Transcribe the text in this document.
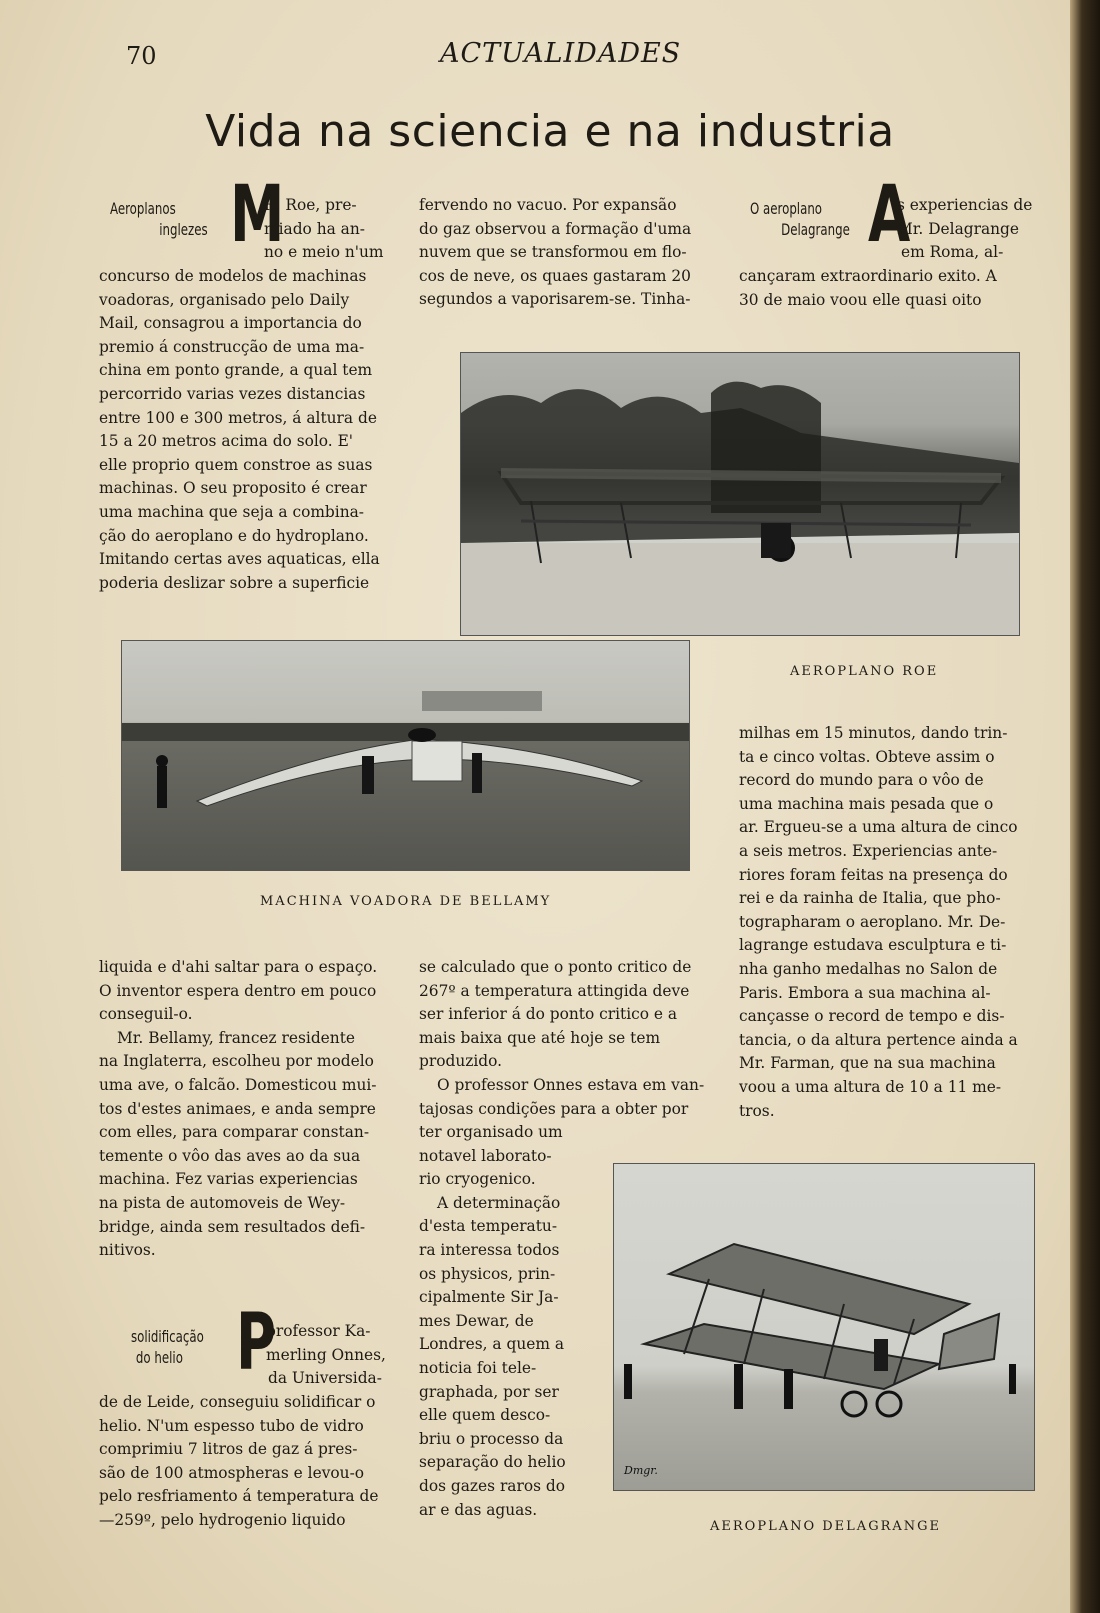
70	ACTUALIDADES
Vida na sciencia e na industria
Aeroplanos
inglezes M

R. Roe, pre-

miado ha an-

no e meio n'um

concurso de modelos de machinas

voadoras, organisado pelo Daily

Mail, consagrou a importancia do

premio á construcção de uma ma-

china em ponto grande, a qual tem

percorrido varias vezes distancias

entre 100 e 300 metros, á altura de

15 a 20 metros acima do solo. E'

elle proprio quem constroe as suas

machinas. O seu proposito é crear

uma machina que seja a combina-

ção do aeroplano e do hydroplano.

Imitando certas aves aquaticas, ella

poderia deslizar sobre a superficie

fervendo no vacuo. Por expansão

do gaz observou a formação d'uma

nuvem que se transformou em flo-

cos de neve, os quaes gastaram 20

segundos a vaporisarem-se. Tinha-

O aeroplano
Delagrange A

s experiencias de

Mr. Delagrange

em Roma, al-

cançaram extraordinario exito. A

30 de maio voou elle quasi oito

AEROPLANO ROE
MACHINA VOADORA DE BELLAMY

milhas em 15 minutos, dando trin-

ta e cinco voltas. Obteve assim o

record do mundo para o vôo de

uma machina mais pesada que o

ar. Ergueu-se a uma altura de cinco

a seis metros. Experiencias ante-

riores foram feitas na presença do

rei e da rainha de Italia, que pho-

tographaram o aeroplano. Mr. De-

lagrange estudava esculptura e ti-

nha ganho medalhas no Salon de

Paris. Embora a sua machina al-

cançasse o record de tempo e dis-

tancia, o da altura pertence ainda a

Mr. Farman, que na sua machina

voou a uma altura de 10 a 11 me-

tros.

liquida e d'ahi saltar para o espaço.

O inventor espera dentro em pouco

conseguil-o.

Mr. Bellamy, francez residente

na Inglaterra, escolheu por modelo

uma ave, o falcão. Domesticou mui-

tos d'estes animaes, e anda sempre

com elles, para comparar constan-

temente o vôo das aves ao da sua

machina. Fez varias experiencias

na pista de automoveis de Wey-

bridge, ainda sem resultados defi-

nitivos.

solidificação
do helio P

professor Ka-

merling Onnes,

da Universida-

de de Leide, conseguiu solidificar o

helio. N'um espesso tubo de vidro

comprimiu 7 litros de gaz á pres-

são de 100 atmospheras e levou-o

pelo resfriamento á temperatura de

—259º, pelo hydrogenio liquido

se calculado que o ponto critico de

267º a temperatura attingida deve

ser inferior á do ponto critico e a

mais baixa que até hoje se tem

produzido.

O professor Onnes estava em van-

tajosas condições para a obter por

ter organisado um

notavel laborato-

rio cryogenico.

A determinação

d'esta temperatu-

ra interessa todos

os physicos, prin-

cipalmente Sir Ja-

mes Dewar, de

Londres, a quem a

noticia foi tele-

graphada, por ser

elle quem desco-

briu o processo da

separação do helio

dos gazes raros do

ar e das aguas.

Dmgr.
AEROPLANO DELAGRANGE
